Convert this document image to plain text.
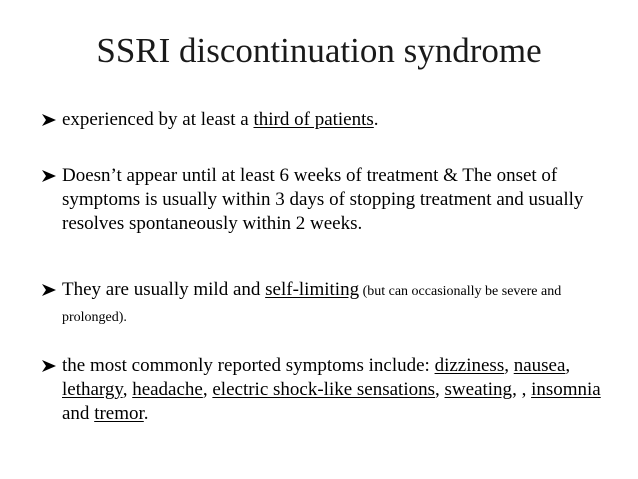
SSRI discontinuation syndrome
experienced by at least a third of patients.
Doesn’t appear until at least 6 weeks of treatment & The onset of symptoms is usually within 3 days of stopping treatment and usually resolves spontaneously within 2 weeks.
They are usually mild and self-limiting (but can occasionally be severe and prolonged).
the most commonly reported symptoms include: dizziness, nausea, lethargy, headache, electric shock-like sensations, sweating, , insomnia and tremor.
